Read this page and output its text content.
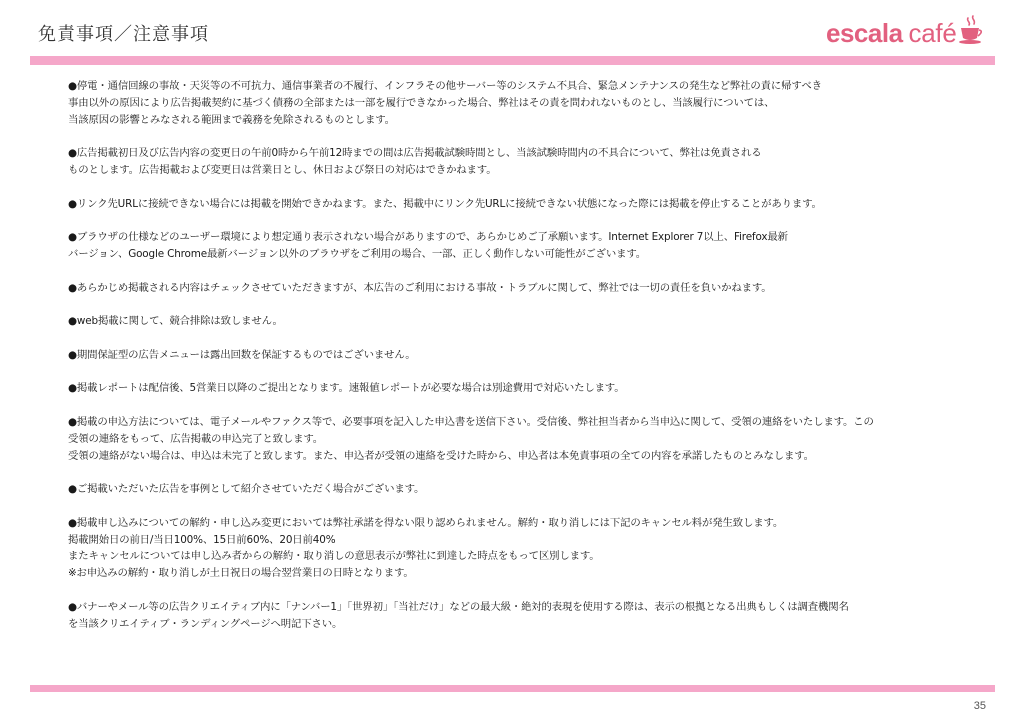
免責事項／注意事項	escala café

●停電・通信回線の事故・天災等の不可抗力、通信事業者の不履行、インフラその他サーバー等のシステム不具合、緊急メンテナンスの発生など弊社の責に帰すべき
事由以外の原因により広告掲載契約に基づく債務の全部または一部を履行できなかった場合、弊社はその責を問われないものとし、当該履行については、
当該原因の影響とみなされる範囲まで義務を免除されるものとします。

●広告掲載初日及び広告内容の変更日の午前0時から午前12時までの間は広告掲載試験時間とし、当該試験時間内の不具合について、弊社は免責される
ものとします。広告掲載および変更日は営業日とし、休日および祭日の対応はできかねます。

●リンク先URLに接続できない場合には掲載を開始できかねます。また、掲載中にリンク先URLに接続できない状態になった際には掲載を停止することがあります。

●ブラウザの仕様などのユーザー環境により想定通り表示されない場合がありますので、あらかじめご了承願います。Internet Explorer 7以上、Firefox最新
バージョン、Google Chrome最新バージョン以外のブラウザをご利用の場合、一部、正しく動作しない可能性がございます。

●あらかじめ掲載される内容はチェックさせていただきますが、本広告のご利用における事故・トラブルに関して、弊社では一切の責任を負いかねます。

●web掲載に関して、競合排除は致しません。

●期間保証型の広告メニューは露出回数を保証するものではございません。

●掲載レポートは配信後、5営業日以降のご提出となります。速報値レポートが必要な場合は別途費用で対応いたします。

●掲載の申込方法については、電子メールやファクス等で、必要事項を記入した申込書を送信下さい。受信後、弊社担当者から当申込に関して、受領の連絡をいたします。この
受領の連絡をもって、広告掲載の申込完了と致します。
受領の連絡がない場合は、申込は未完了と致します。また、申込者が受領の連絡を受けた時から、申込者は本免責事項の全ての内容を承諾したものとみなします。

●ご掲載いただいた広告を事例として紹介させていただく場合がございます。

●掲載申し込みについての解約・申し込み変更においては弊社承諾を得ない限り認められません。解約・取り消しには下記のキャンセル料が発生致します。
掲載開始日の前日/当日100%、15日前60%、20日前40%
またキャンセルについては申し込み者からの解約・取り消しの意思表示が弊社に到達した時点をもって区別します。
※お申込みの解約・取り消しが土日祝日の場合翌営業日の日時となります。

●バナーやメール等の広告クリエイティブ内に「ナンバー1」「世界初」「当社だけ」などの最大級・絶対的表現を使用する際は、表示の根拠となる出典もしくは調査機関名
を当該クリエイティブ・ランディングページへ明記下さい。

35
